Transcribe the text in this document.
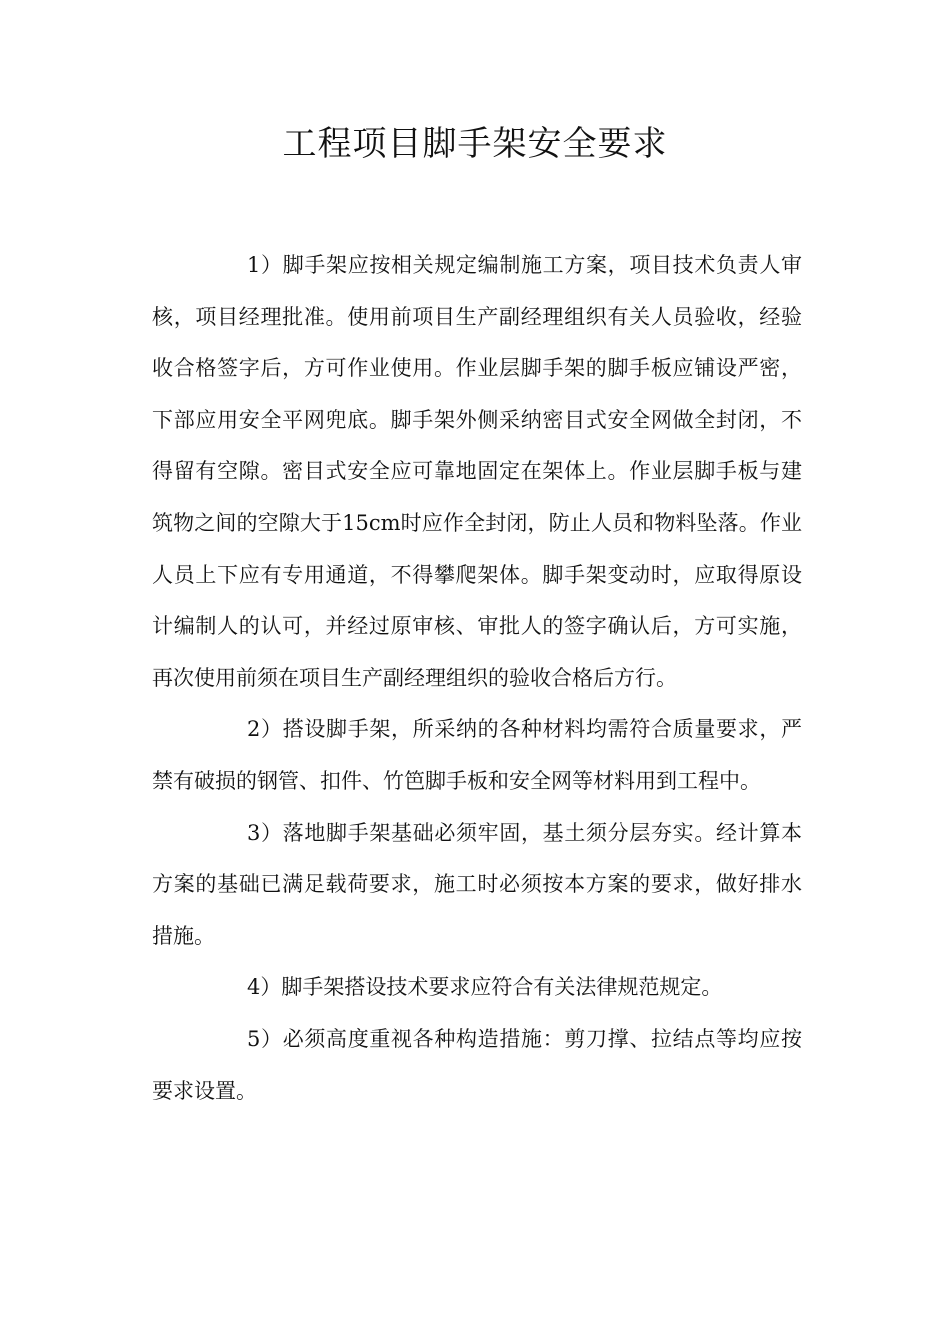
工程项目脚手架安全要求

1）脚手架应按相关规定编制施工方案，项目技术负责人审核，项目经理批准。使用前项目生产副经理组织有关人员验收，经验收合格签字后，方可作业使用。作业层脚手架的脚手板应铺设严密，下部应用安全平网兜底。脚手架外侧采纳密目式安全网做全封闭，不得留有空隙。密目式安全应可靠地固定在架体上。作业层脚手板与建筑物之间的空隙大于15cm时应作全封闭，防止人员和物料坠落。作业人员上下应有专用通道，不得攀爬架体。脚手架变动时，应取得原设计编制人的认可，并经过原审核、审批人的签字确认后，方可实施，再次使用前须在项目生产副经理组织的验收合格后方行。

2）搭设脚手架，所采纳的各种材料均需符合质量要求，严禁有破损的钢管、扣件、竹笆脚手板和安全网等材料用到工程中。

3）落地脚手架基础必须牢固，基土须分层夯实。经计算本方案的基础已满足载荷要求，施工时必须按本方案的要求，做好排水措施。

4）脚手架搭设技术要求应符合有关法律规范规定。

5）必须高度重视各种构造措施：剪刀撑、拉结点等均应按要求设置。
